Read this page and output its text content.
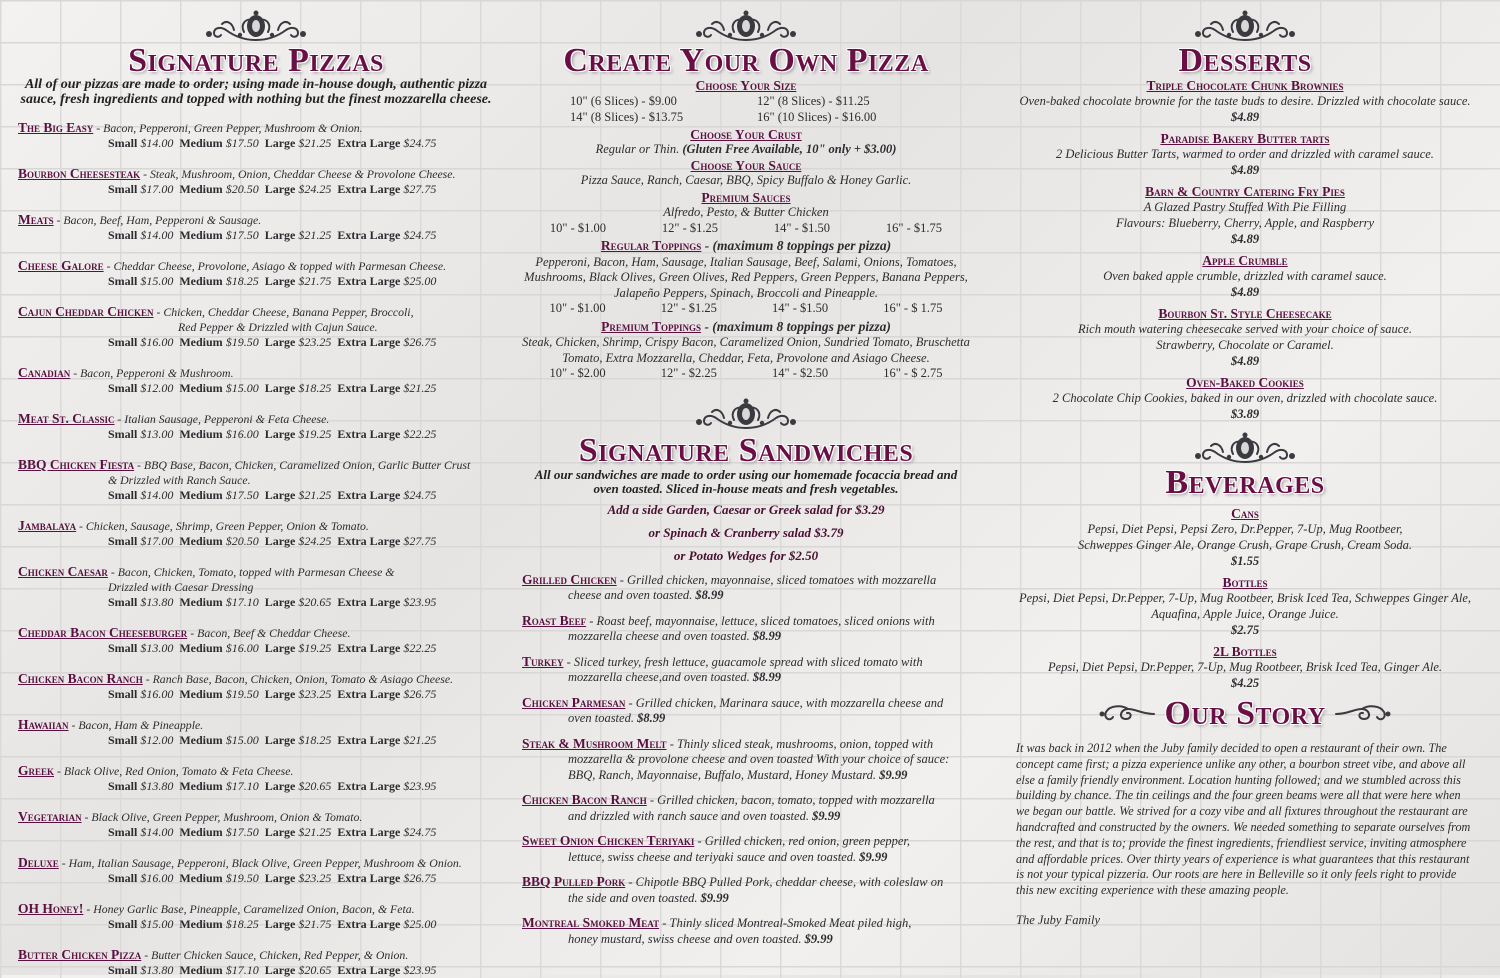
Signature Pizzas

All of our pizzas are made to order; using made in-house dough, authentic pizza sauce, fresh ingredients and topped with nothing but the finest mozzarella cheese.

The Big Easy - Bacon, Pepperoni, Green Pepper, Mushroom & Onion.
Small $14.00 Medium $17.50 Large $21.25 Extra Large $24.75
Bourbon Cheesesteak - Steak, Mushroom, Onion, Cheddar Cheese & Provolone Cheese.
Small $17.00 Medium $20.50 Large $24.25 Extra Large $27.75
Meats - Bacon, Beef, Ham, Pepperoni & Sausage.
Small $14.00 Medium $17.50 Large $21.25 Extra Large $24.75
Cheese Galore - Cheddar Cheese, Provolone, Asiago & topped with Parmesan Cheese.
Small $15.00 Medium $18.25 Large $21.75 Extra Large $25.00
Cajun Cheddar Chicken - Chicken, Cheddar Cheese, Banana Pepper, Broccoli,
Red Pepper & Drizzled with Cajun Sauce.
Small $16.00 Medium $19.50 Large $23.25 Extra Large $26.75
Canadian - Bacon, Pepperoni & Mushroom.
Small $12.00 Medium $15.00 Large $18.25 Extra Large $21.25
Meat St. Classic - Italian Sausage, Pepperoni & Feta Cheese.
Small $13.00 Medium $16.00 Large $19.25 Extra Large $22.25
BBQ Chicken Fiesta - BBQ Base, Bacon, Chicken, Caramelized Onion, Garlic Butter Crust
& Drizzled with Ranch Sauce.
Small $14.00 Medium $17.50 Large $21.25 Extra Large $24.75
Jambalaya - Chicken, Sausage, Shrimp, Green Pepper, Onion & Tomato.
Small $17.00 Medium $20.50 Large $24.25 Extra Large $27.75
Chicken Caesar - Bacon, Chicken, Tomato, topped with Parmesan Cheese &
Drizzled with Caesar Dressing
Small $13.80 Medium $17.10 Large $20.65 Extra Large $23.95
Cheddar Bacon Cheeseburger - Bacon, Beef & Cheddar Cheese.
Small $13.00 Medium $16.00 Large $19.25 Extra Large $22.25
Chicken Bacon Ranch - Ranch Base, Bacon, Chicken, Onion, Tomato & Asiago Cheese.
Small $16.00 Medium $19.50 Large $23.25 Extra Large $26.75
Hawaiian - Bacon, Ham & Pineapple.
Small $12.00 Medium $15.00 Large $18.25 Extra Large $21.25
Greek - Black Olive, Red Onion, Tomato & Feta Cheese.
Small $13.80 Medium $17.10 Large $20.65 Extra Large $23.95
Vegetarian - Black Olive, Green Pepper, Mushroom, Onion & Tomato.
Small $14.00 Medium $17.50 Large $21.25 Extra Large $24.75
Deluxe - Ham, Italian Sausage, Pepperoni, Black Olive, Green Pepper, Mushroom & Onion.
Small $16.00 Medium $19.50 Large $23.25 Extra Large $26.75
OH Honey! - Honey Garlic Base, Pineapple, Caramelized Onion, Bacon, & Feta.
Small $15.00 Medium $18.25 Large $21.75 Extra Large $25.00
Butter Chicken Pizza - Butter Chicken Sauce, Chicken, Red Pepper, & Onion.
Small $13.80 Medium $17.10 Large $20.65 Extra Large $23.95
Create Your Own Pizza

Choose Your Size

10" (6 Slices) - $9.00	12" (8 Slices) - $11.25
14" (8 Slices) - $13.75	16" (10 Slices) - $16.00

Choose Your Crust

Regular or Thin. (Gluten Free Available, 10" only + $3.00)

Choose Your Sauce

Pizza Sauce, Ranch, Caesar, BBQ, Spicy Buffalo & Honey Garlic.

Premium Sauces

Alfredo, Pesto, & Butter Chicken

10" - $1.00	12" - $1.25	14" - $1.50	16" - $1.75

Regular Toppings - (maximum 8 toppings per pizza)

Pepperoni, Bacon, Ham, Sausage, Italian Sausage, Beef, Salami, Onions, Tomatoes,

Mushrooms, Black Olives, Green Olives, Red Peppers, Green Peppers, Banana Peppers,

Jalapeño Peppers, Spinach, Broccoli and Pineapple.

10" - $1.00	12" - $1.25	14" - $1.50	16" - $ 1.75

Premium Toppings - (maximum 8 toppings per pizza)

Steak, Chicken, Shrimp, Crispy Bacon, Caramelized Onion, Sundried Tomato, Bruschetta

Tomato, Extra Mozzarella, Cheddar, Feta, Provolone and Asiago Cheese.

10" - $2.00	12" - $2.25	14" - $2.50	16" - $ 2.75
Signature Sandwiches

All our sandwiches are made to order using our homemade focaccia bread and oven toasted. Sliced in-house meats and fresh vegetables.

Add a side Garden, Caesar or Greek salad for $3.29

or Spinach & Cranberry salad $3.79

or Potato Wedges for $2.50

Grilled Chicken - Grilled chicken, mayonnaise, sliced tomatoes with mozzarella
cheese and oven toasted. $8.99
Roast Beef - Roast beef, mayonnaise, lettuce, sliced tomatoes, sliced onions with
mozzarella cheese and oven toasted. $8.99
Turkey - Sliced turkey, fresh lettuce, guacamole spread with sliced tomato with
mozzarella cheese,and oven toasted. $8.99
Chicken Parmesan - Grilled chicken, Marinara sauce, with mozzarella cheese and
oven toasted. $8.99
Steak & Mushroom Melt - Thinly sliced steak, mushrooms, onion, topped with
mozzarella & provolone cheese and oven toasted With your choice of sauce:
BBQ, Ranch, Mayonnaise, Buffalo, Mustard, Honey Mustard. $9.99
Chicken Bacon Ranch - Grilled chicken, bacon, tomato, topped with mozzarella
and drizzled with ranch sauce and oven toasted. $9.99
Sweet Onion Chicken Teriyaki - Grilled chicken, red onion, green pepper,
lettuce, swiss cheese and teriyaki sauce and oven toasted. $9.99
BBQ Pulled Pork - Chipotle BBQ Pulled Pork, cheddar cheese, with coleslaw on
the side and oven toasted. $9.99
Montreal Smoked Meat - Thinly sliced Montreal-Smoked Meat piled high,
honey mustard, swiss cheese and oven toasted. $9.99
Desserts

Triple Chocolate Chunk Brownies

Oven-baked chocolate brownie for the taste buds to desire. Drizzled with chocolate sauce.

$4.89

Paradise Bakery Butter tarts

2 Delicious Butter Tarts, warmed to order and drizzled with caramel sauce.

$4.89

Barn & Country Catering Fry Pies

A Glazed Pastry Stuffed With Pie Filling

Flavours: Blueberry, Cherry, Apple, and Raspberry

$4.89

Apple Crumble

Oven baked apple crumble, drizzled with caramel sauce.

$4.89

Bourbon St. Style Cheesecake

Rich mouth watering cheesecake served with your choice of sauce.

Strawberry, Chocolate or Caramel.

$4.89

Oven-Baked Cookies

2 Chocolate Chip Cookies, baked in our oven, drizzled with chocolate sauce.

$3.89

Beverages

Cans

Pepsi, Diet Pepsi, Pepsi Zero, Dr.Pepper, 7-Up, Mug Rootbeer,

Schweppes Ginger Ale, Orange Crush, Grape Crush, Cream Soda.

$1.55

Bottles

Pepsi, Diet Pepsi, Dr.Pepper, 7-Up, Mug Rootbeer, Brisk Iced Tea, Schweppes Ginger Ale,

Aquafina, Apple Juice, Orange Juice.

$2.75

2L Bottles

Pepsi, Diet Pepsi, Dr.Pepper, 7-Up, Mug Rootbeer, Brisk Iced Tea, Ginger Ale.

$4.25

Our Story

It was back in 2012 when the Juby family decided to open a restaurant of their own. The concept came first; a pizza experience unlike any other, a bourbon street vibe, and above all else a family friendly environment. Location hunting followed; and we stumbled across this building by chance. The tin ceilings and the four green beams were all that were here when we began our battle. We strived for a cozy vibe and all fixtures throughout the restaurant are handcrafted and constructed by the owners. We needed something to separate ourselves from the rest, and that is to; provide the finest ingredients, friendliest service, inviting atmosphere and affordable prices. Over thirty years of experience is what guarantees that this restaurant is not your typical pizzeria. Our roots are here in Belleville so it only feels right to provide this new exciting experience with these amazing people.

The Juby Family
